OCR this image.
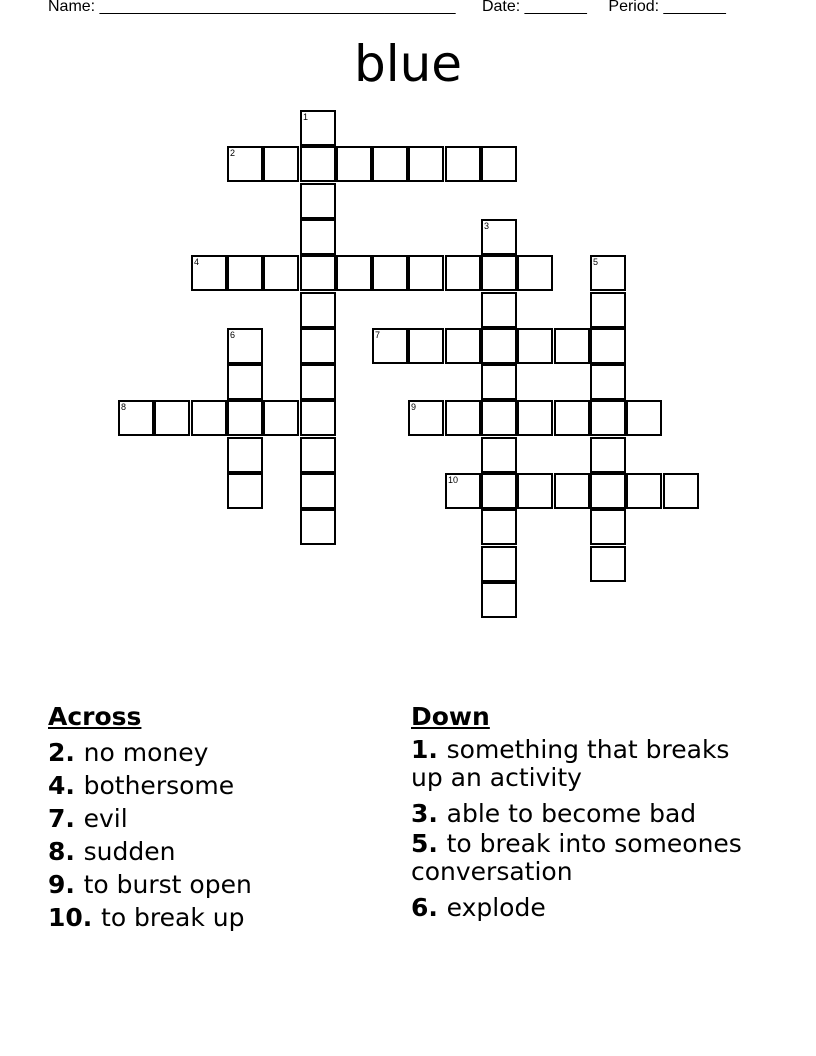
Name: ________________________________________ Date: _______ Period: _______
blue
1
2
3
4	5
6	7
8	9
10
Across
2. no money
4. bothersome
7. evil
8. sudden
9. to burst open
10. to break up
Down
1. something that breaks up an activity
3. able to become bad
5. to break into someones conversation
6. explode
